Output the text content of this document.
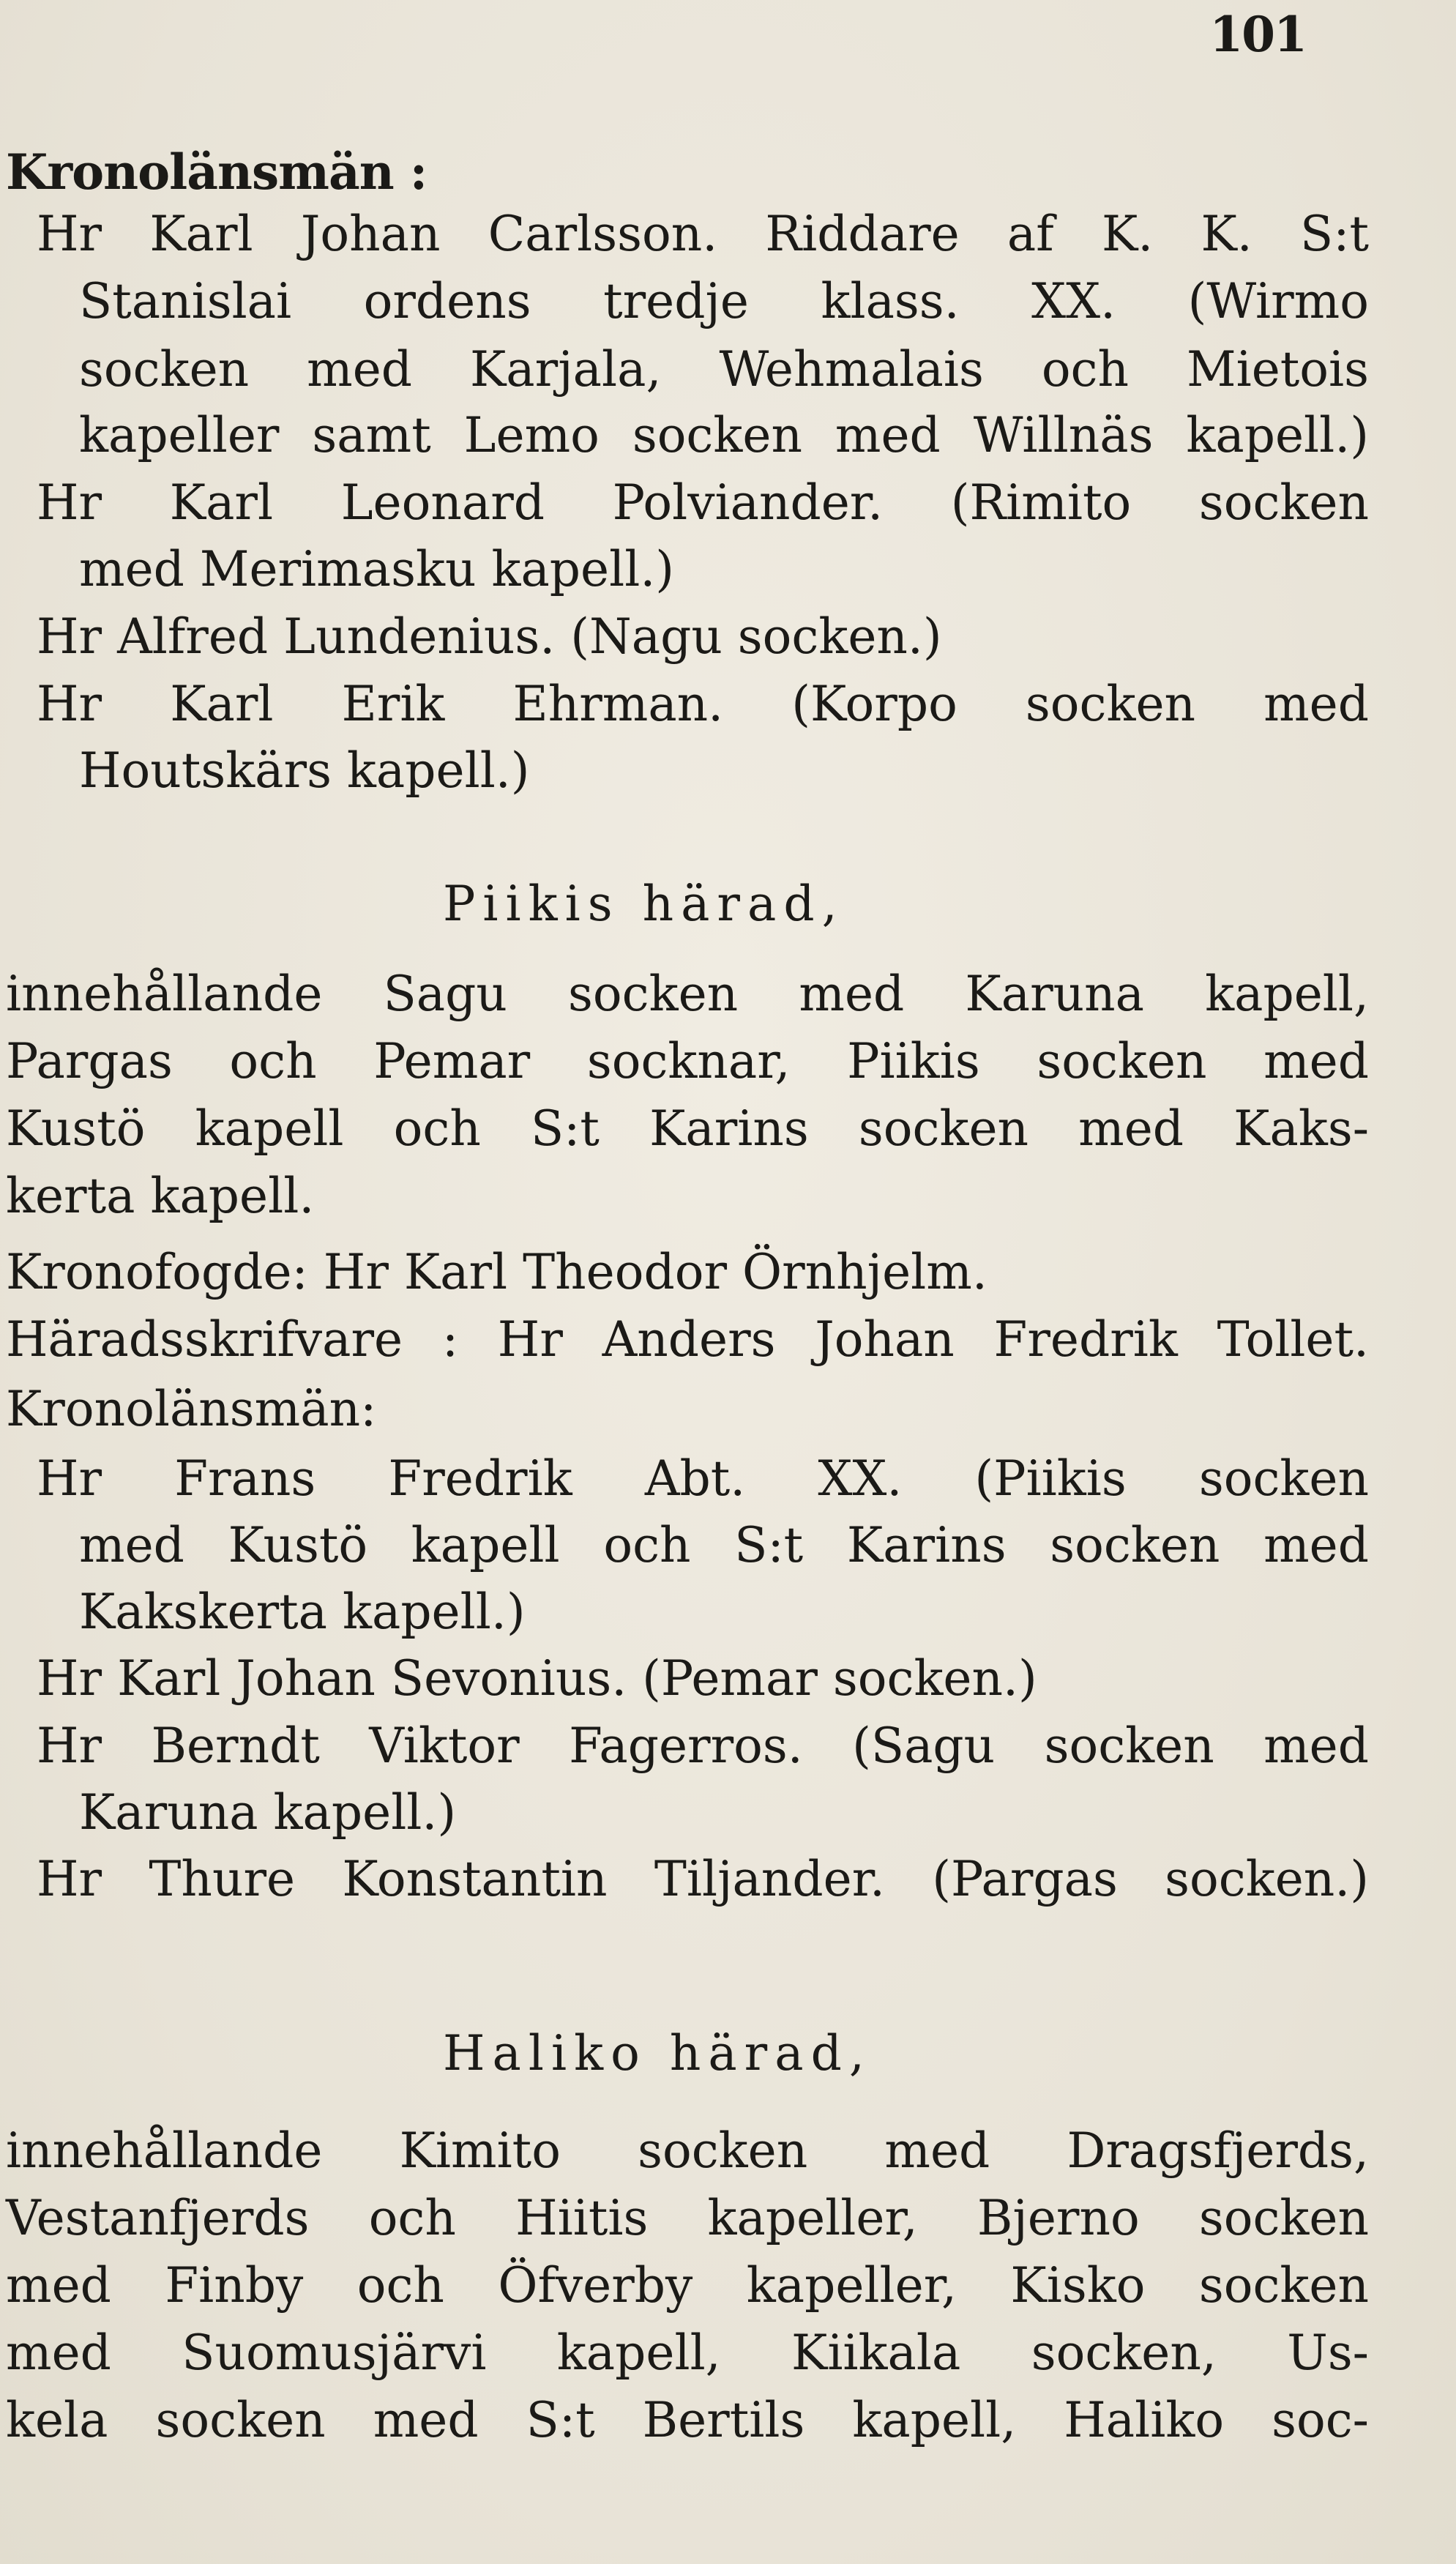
101
Kronolänsmän :
Hr Karl Johan Carlsson. Riddare af K. K. S:t
Stanislai ordens tredje klass. XX. (Wirmo
socken med Karjala, Wehmalais och Mietois
kapeller samt Lemo socken med Willnäs kapell.)
Hr Karl Leonard Polviander. (Rimito socken
med Merimasku kapell.)
Hr Alfred Lundenius. (Nagu socken.)
Hr Karl Erik Ehrman. (Korpo socken med
Houtskärs kapell.)
Piikis härad,
innehållande Sagu socken med Karuna kapell,
Pargas och Pemar socknar, Piikis socken med
Kustö kapell och S:t Karins socken med Kaks-
kerta kapell.
Kronofogde: Hr Karl Theodor Örnhjelm.
Häradsskrifvare : Hr Anders Johan Fredrik Tollet.
Kronolänsmän:
Hr Frans Fredrik Abt. XX. (Piikis socken
med Kustö kapell och S:t Karins socken med
Kakskerta kapell.)
Hr Karl Johan Sevonius. (Pemar socken.)
Hr Berndt Viktor Fagerros. (Sagu socken med
Karuna kapell.)
Hr Thure Konstantin Tiljander. (Pargas socken.)
Haliko härad,
innehållande Kimito socken med Dragsfjerds,
Vestanfjerds och Hiitis kapeller, Bjerno socken
med Finby och Öfverby kapeller, Kisko socken
med Suomusjärvi kapell, Kiikala socken, Us-
kela socken med S:t Bertils kapell, Haliko soc-
